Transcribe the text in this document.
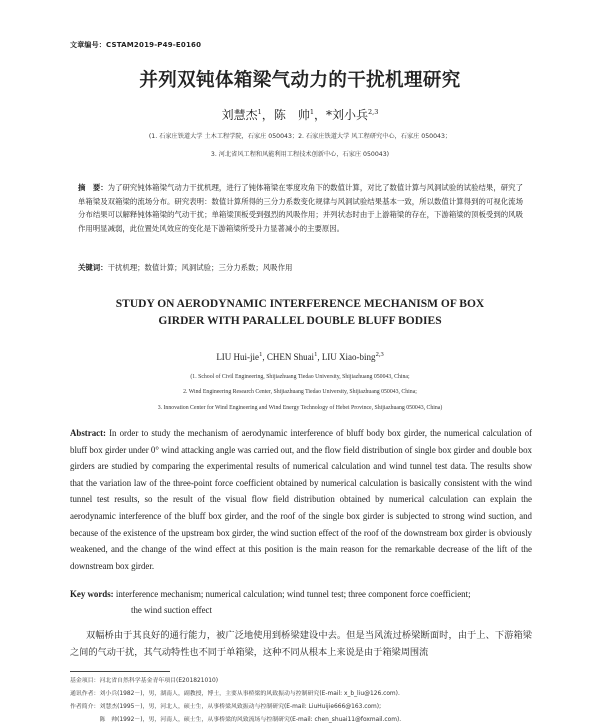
文章编号：CSTAM2019-P49-E0160
并列双钝体箱梁气动力的干扰机理研究
刘慧杰$^1$，陈　帅$^1$，*刘小兵$^{2,3}$
(1. 石家庄铁道大学 土木工程学院，石家庄 050043；2. 石家庄铁道大学 风工程研究中心，石家庄 050043；
3. 河北省风工程和风能利用工程技术创新中心，石家庄 050043)
摘　要：为了研究钝体箱梁气动力干扰机理，进行了钝体箱梁在零度攻角下的数值计算，对比了数值计算与风洞试验的试验结果，研究了单箱梁及双箱梁的流场分布。研究表明：数值计算所得的三分力系数变化规律与风洞试验结果基本一致，所以数值计算得到的可视化流场分布结果可以解释钝体箱梁的气动干扰；单箱梁顶板受到强烈的风吸作用；并列状态时由于上游箱梁的存在，下游箱梁的顶板受到的风吸作用明显减弱，此位置处风效应的变化是下游箱梁所受升力显著减小的主要原因。
关键词：干扰机理；数值计算；风洞试验；三分力系数；风吸作用
STUDY ON AERODYNAMIC INTERFERENCE MECHANISM OF BOX
GIRDER WITH PARALLEL DOUBLE BLUFF BODIES
LIU Hui-jie$^1$, CHEN Shuai$^1$, LIU Xiao-bing$^{2,3}$
(1. School of Civil Engineering, Shijiazhuang Tiedao University, Shijiazhuang 050043, China;
2. Wind Engineering Research Center, Shijiazhuang Tiedao University, Shijiazhuang 050043, China;
3. Innovation Center for Wind Engineering and Wind Energy Technology of Hebei Province, Shijiazhuang 050043, China)
Abstract: In order to study the mechanism of aerodynamic interference of bluff body box girder, the numerical calculation of bluff box girder under 0° wind attacking angle was carried out, and the flow field distribution of single box girder and double box girders are studied by comparing the experimental results of numerical calculation and wind tunnel test data. The results show that the variation law of the three-point force coefficient obtained by numerical calculation is basically consistent with the wind tunnel test results, so the result of the visual flow field distribution obtained by numerical calculation can explain the aerodynamic interference of the bluff box girder, and the roof of the single box girder is subjected to strong wind suction, and because of the existence of the upstream box girder, the wind suction effect of the roof of the downstream box girder is obviously weakened, and the change of the wind effect at this position is the main reason for the remarkable decrease of the lift of the downstream box girder.
Key words: interference mechanism; numerical calculation; wind tunnel test; three component force coefficient;
the wind suction effect
双幅桥由于其良好的通行能力，被广泛地使用到桥梁建设中去。但是当风流过桥梁断面时，由于上、下游箱梁之间的气动干扰，其气动特性也不同于单箱梁，这种不同从根本上来说是由于箱梁周围流
基金项目：河北省自然科学基金青年项目(E201821010)
通讯作者：刘小兵(1982－)，男，湖南人，副教授，博士，主要从事桥梁的风致振动与控制研究(E-mail: x_b_liu@126.com).
作者简介：刘慧杰(1995－)，男，河北人，硕士生，从事桥梁风致振动与控制研究(E-mail: LiuHuijie666@163.com);
　　　　　陈　帅(1992－)，男，河南人，硕士生，从事桥梁的风致流场与控制研究(E-mail: chen_shuai11@foxmail.com).
